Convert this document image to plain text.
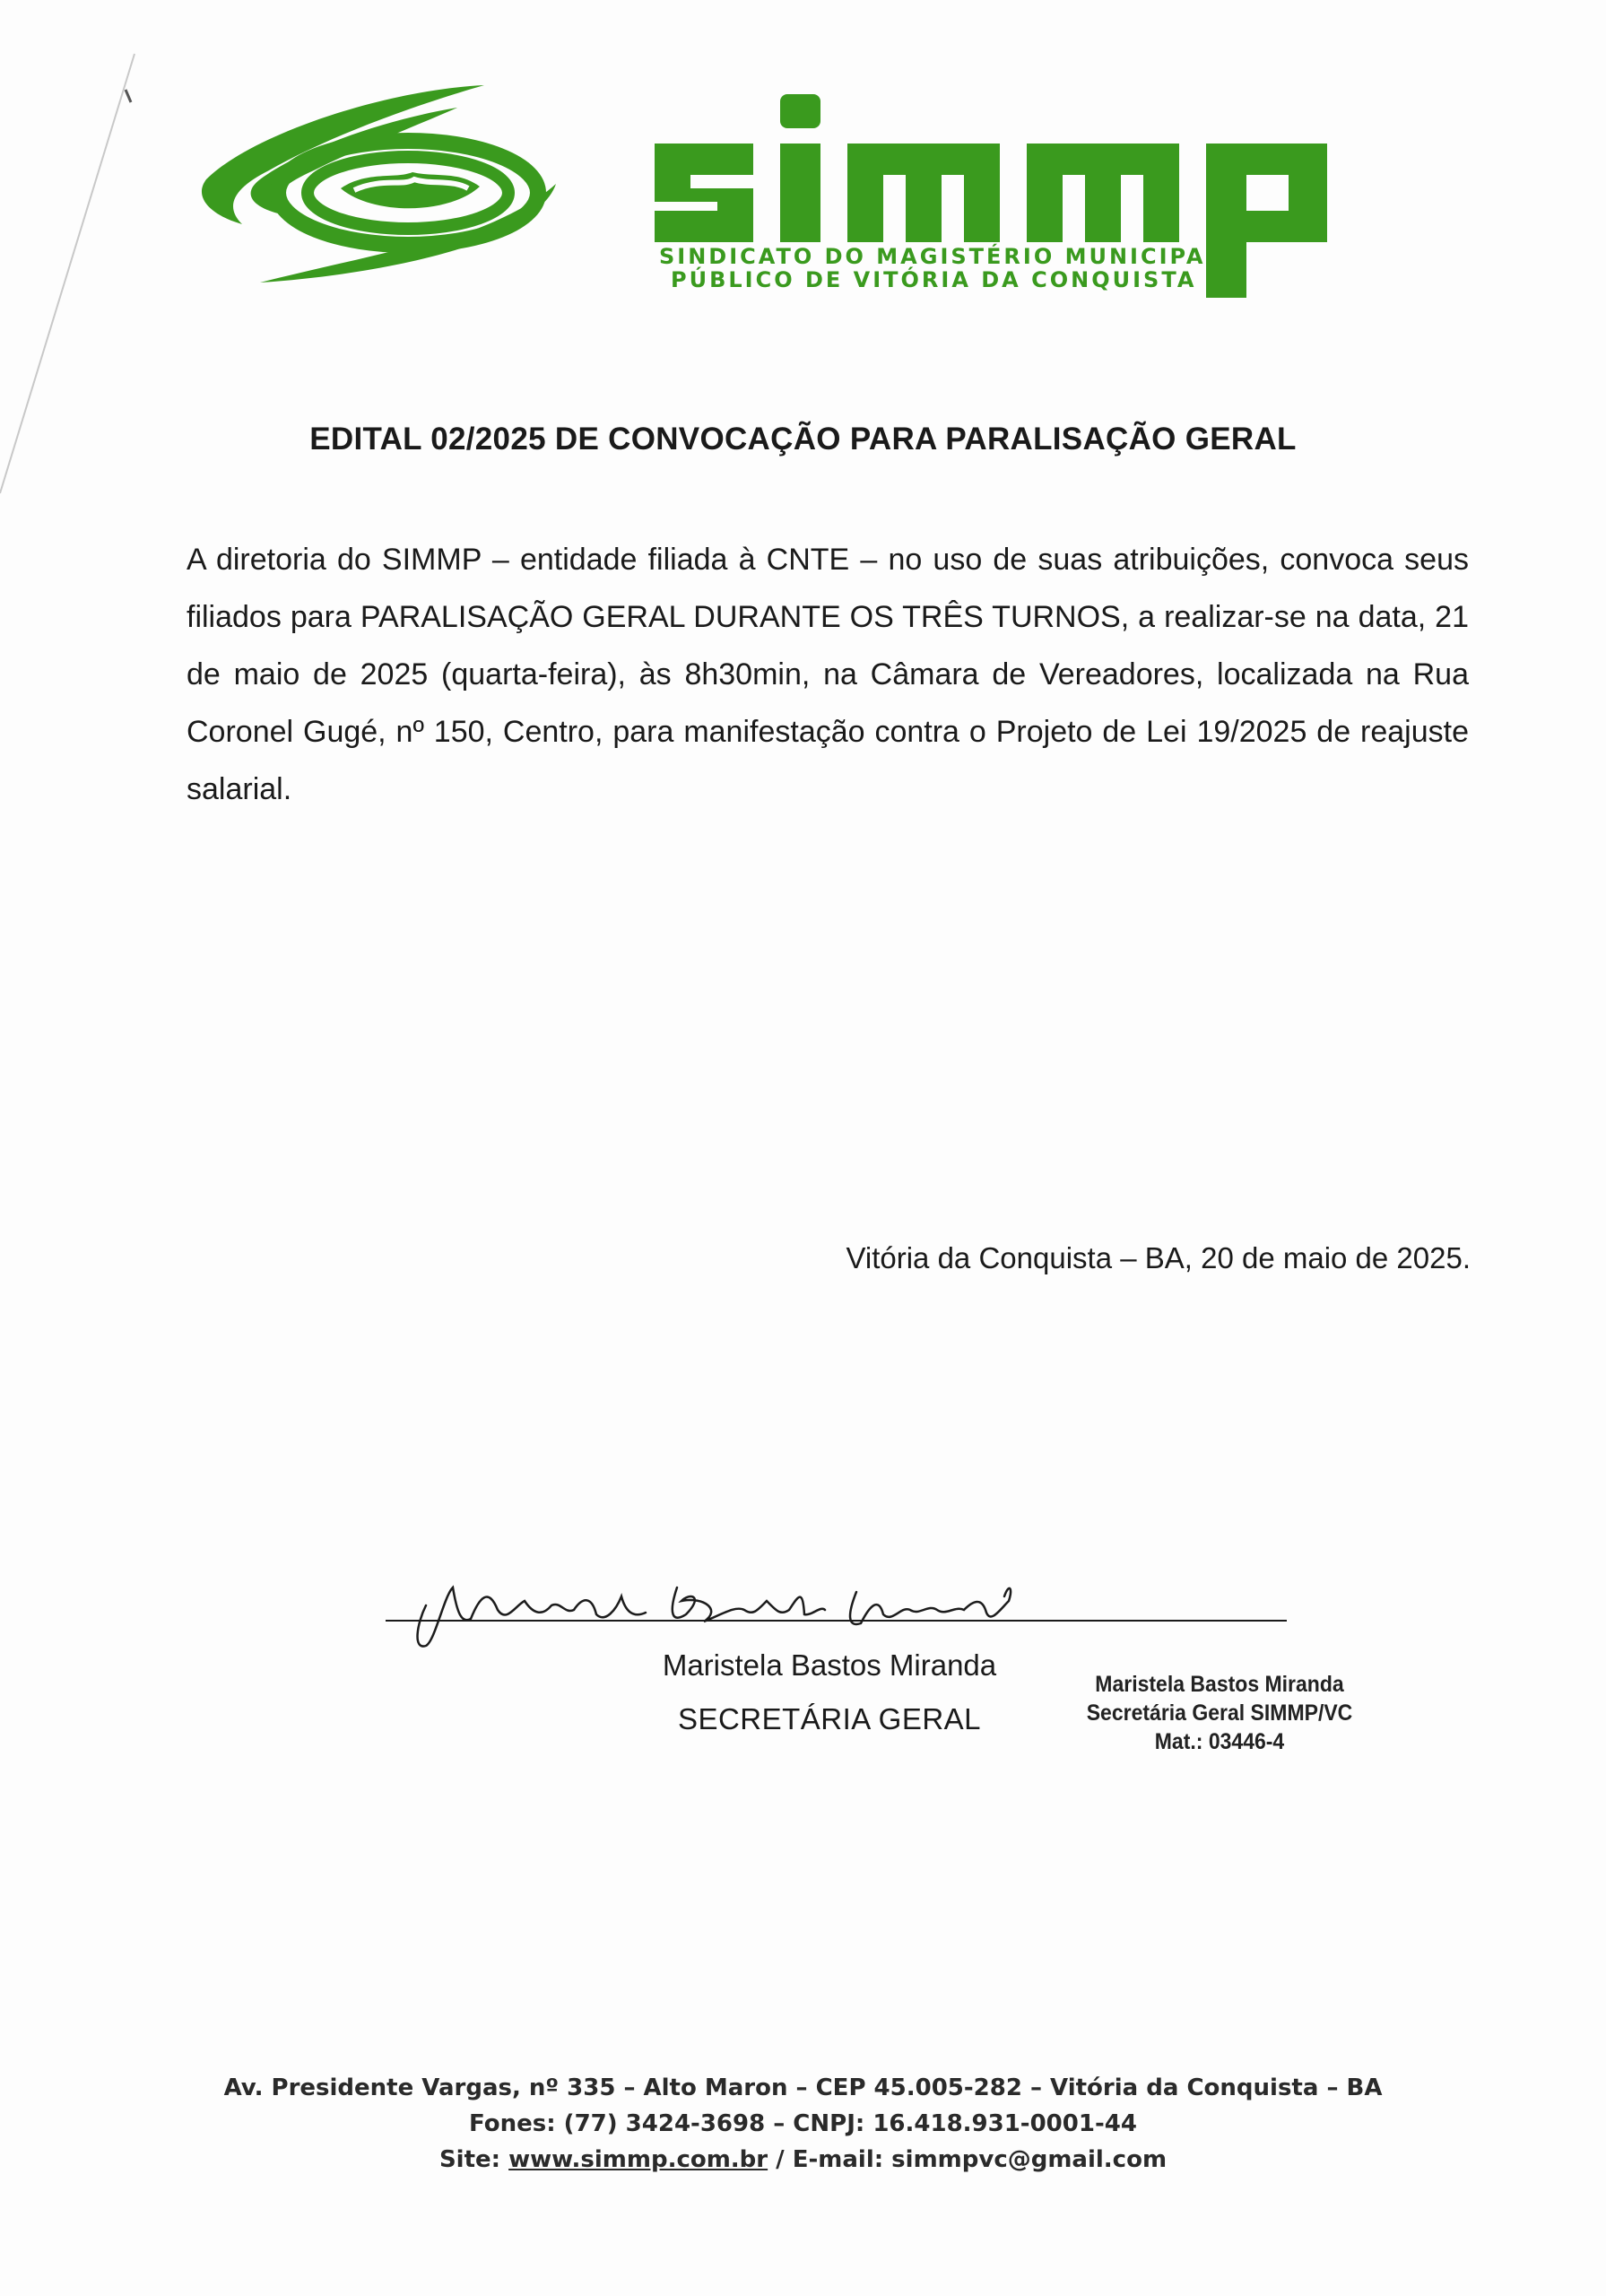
SINDICATO DO MAGISTÉRIO MUNICIPAL
PÚBLICO DE VITÓRIA DA CONQUISTA
EDITAL 02/2025 DE CONVOCAÇÃO PARA PARALISAÇÃO GERAL
A diretoria do SIMMP – entidade filiada à CNTE – no uso de suas atribuições, convoca seus filiados para PARALISAÇÃO GERAL DURANTE OS TRÊS TURNOS, a realizar-se na data, 21 de maio de 2025 (quarta-feira), às 8h30min, na Câmara de Vereadores, localizada na Rua Coronel Gugé, nº 150, Centro, para manifestação contra o Projeto de Lei 19/2025 de reajuste salarial.
Vitória da Conquista – BA, 20 de maio de 2025.
Maristela Bastos Miranda
SECRETÁRIA GERAL
Maristela Bastos Miranda
Secretária Geral SIMMP/VC
Mat.: 03446-4
Av. Presidente Vargas, nº 335 – Alto Maron – CEP 45.005-282 – Vitória da Conquista – BA
Fones: (77) 3424-3698 – CNPJ: 16.418.931-0001-44
Site: www.simmp.com.br / E-mail: simmpvc@gmail.com
